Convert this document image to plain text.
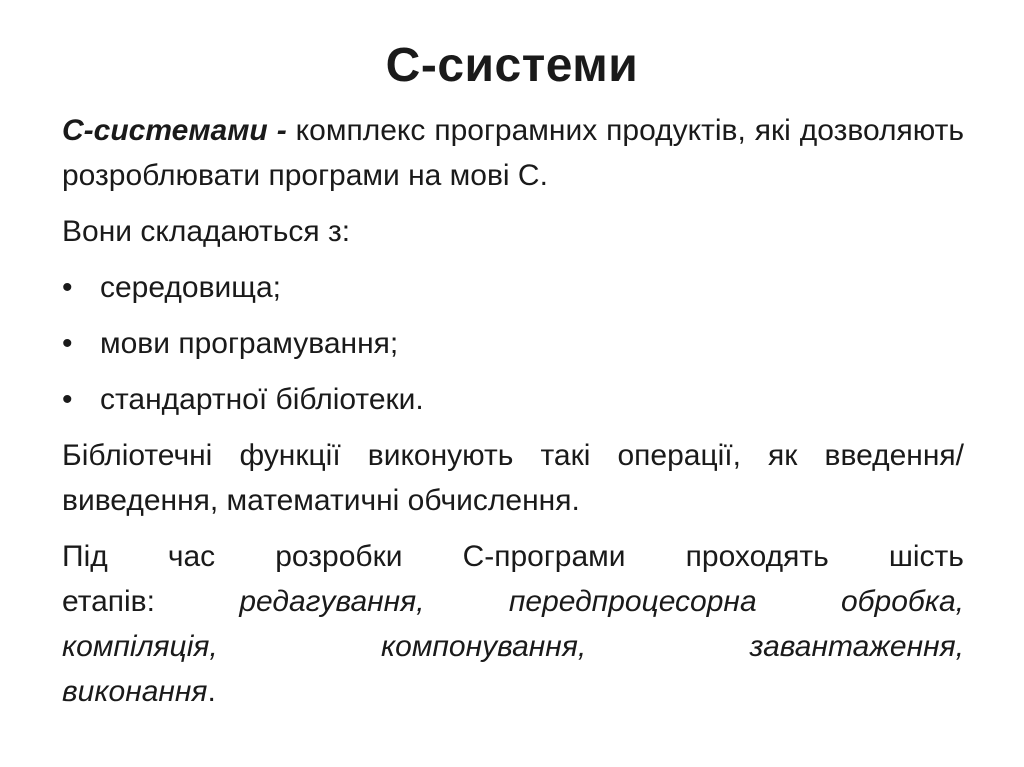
C-системи

С-системами - комплекс програмних продуктів, які дозволяють розроблювати програми на мові С.

Вони складаються з:

• середовища;
• мови програмування;
• стандартної бібліотеки.

Бібліотечні функції виконують такі операції, як введення/виведення, математичні обчислення.

Під час розробки С-програми проходять шість
етапів:	редагування,	передпроцесорна	обробка,
компіляція,	компонування,	завантаження,
виконання .
